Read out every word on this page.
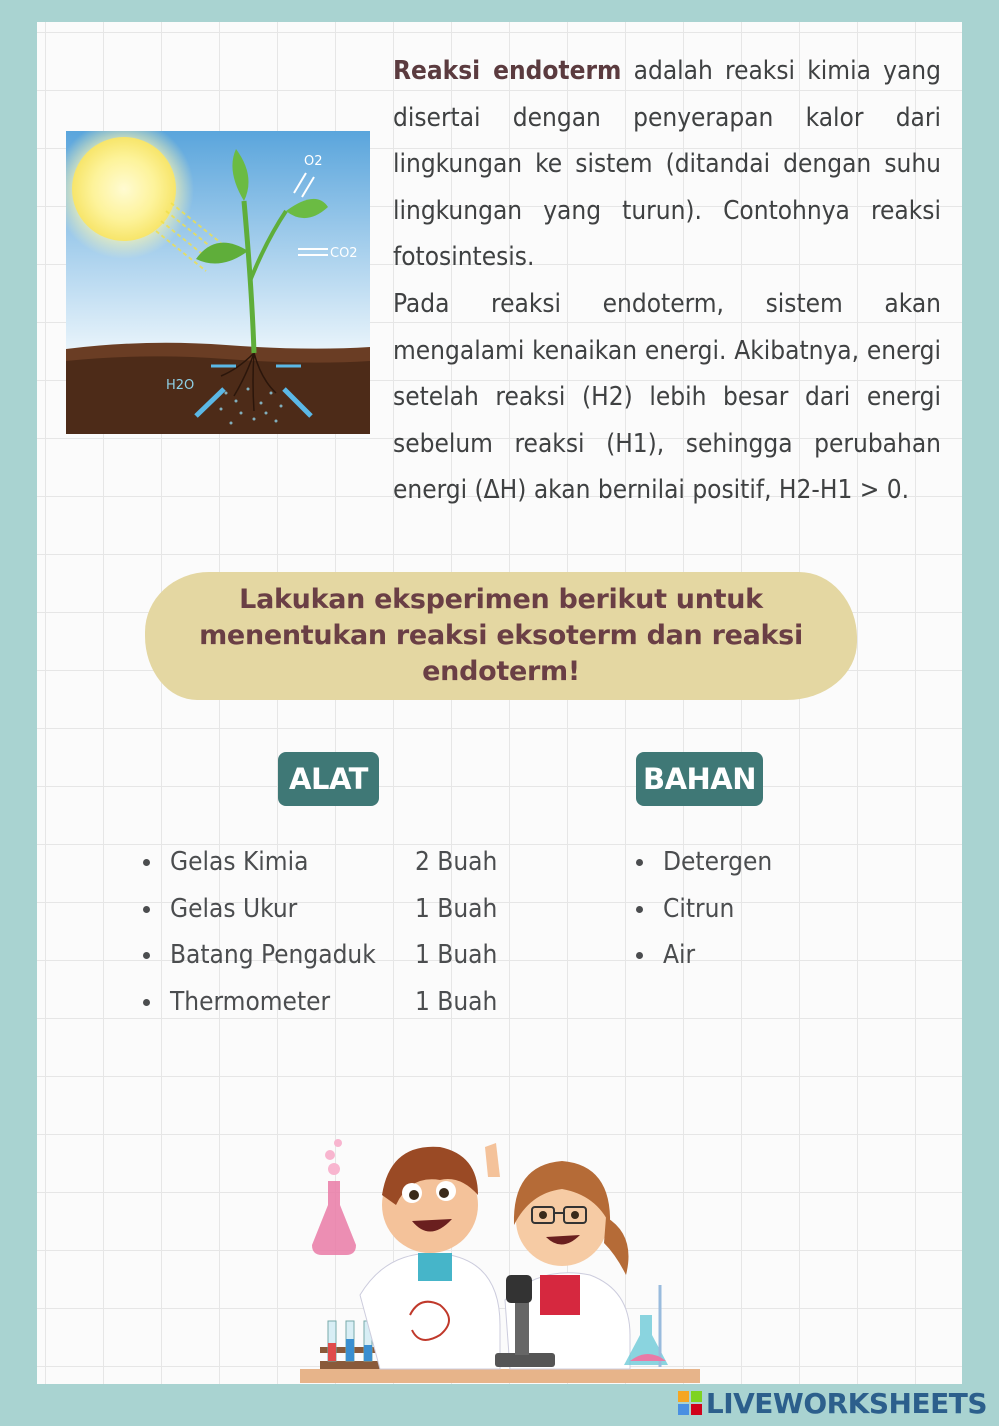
O2
CO2
H2O

Reaksi endoterm adalah reaksi kimia yang disertai dengan penyerapan kalor dari lingkungan ke sistem (ditandai dengan suhu lingkungan yang turun). Contohnya reaksi fotosintesis.

Pada reaksi endoterm, sistem akan mengalami kenaikan energi. Akibatnya, energi setelah reaksi (H2) lebih besar dari energi sebelum reaksi (H1), sehingga perubahan energi (ΔH) akan bernilai positif, H2-H1 > 0.

Lakukan eksperimen berikut untuk menentukan reaksi eksoterm dan reaksi endoterm!
ALAT	BAHAN
Gelas Kimia	2 Buah
Gelas Ukur	1 Buah
Batang Pengaduk 1 Buah
Thermometer	1 Buah
Detergen
Citrun
Air
LIVEWORKSHEETS
